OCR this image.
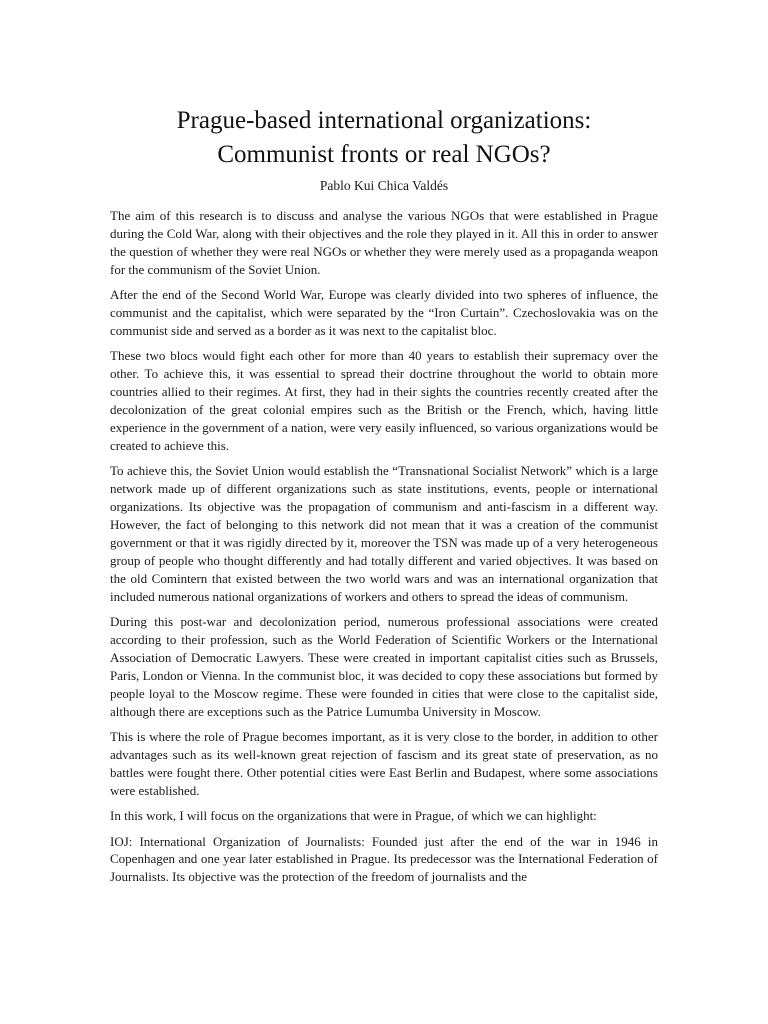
Prague-based international organizations:
Communist fronts or real NGOs?
Pablo Kui Chica Valdés

The aim of this research is to discuss and analyse the various NGOs that were established in Prague during the Cold War, along with their objectives and the role they played in it. All this in order to answer the question of whether they were real NGOs or whether they were merely used as a propaganda weapon for the communism of the Soviet Union.

After the end of the Second World War, Europe was clearly divided into two spheres of influence, the communist and the capitalist, which were separated by the “Iron Curtain”. Czechoslovakia was on the communist side and served as a border as it was next to the capitalist bloc.

These two blocs would fight each other for more than 40 years to establish their supremacy over the other. To achieve this, it was essential to spread their doctrine throughout the world to obtain more countries allied to their regimes. At first, they had in their sights the countries recently created after the decolonization of the great colonial empires such as the British or the French, which, having little experience in the government of a nation, were very easily influenced, so various organizations would be created to achieve this.

To achieve this, the Soviet Union would establish the “Transnational Socialist Network” which is a large network made up of different organizations such as state institutions, events, people or international organizations. Its objective was the propagation of communism and anti-fascism in a different way. However, the fact of belonging to this network did not mean that it was a creation of the communist government or that it was rigidly directed by it, moreover the TSN was made up of a very heterogeneous group of people who thought differently and had totally different and varied objectives. It was based on the old Comintern that existed between the two world wars and was an international organization that included numerous national organizations of workers and others to spread the ideas of communism.

During this post-war and decolonization period, numerous professional associations were created according to their profession, such as the World Federation of Scientific Workers or the International Association of Democratic Lawyers. These were created in important capitalist cities such as Brussels, Paris, London or Vienna. In the communist bloc, it was decided to copy these associations but formed by people loyal to the Moscow regime. These were founded in cities that were close to the capitalist side, although there are exceptions such as the Patrice Lumumba University in Moscow.

This is where the role of Prague becomes important, as it is very close to the border, in addition to other advantages such as its well-known great rejection of fascism and its great state of preservation, as no battles were fought there. Other potential cities were East Berlin and Budapest, where some associations were established.

In this work, I will focus on the organizations that were in Prague, of which we can highlight:

IOJ: International Organization of Journalists: Founded just after the end of the war in 1946 in Copenhagen and one year later established in Prague. Its predecessor was the International Federation of Journalists. Its objective was the protection of the freedom of journalists and the
